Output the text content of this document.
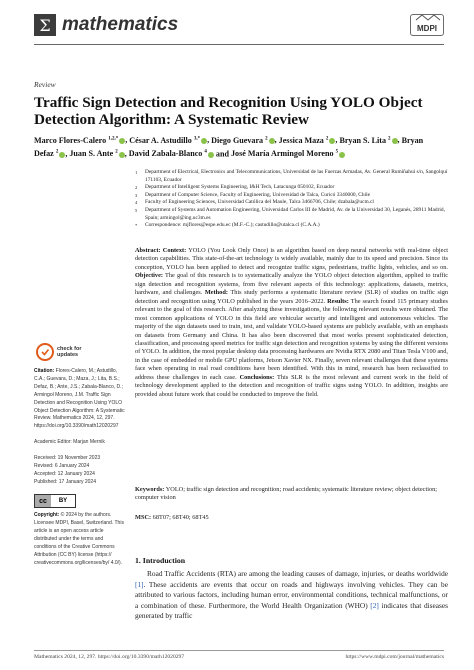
Σ mathematics	MDPI
Review
Traffic Sign Detection and Recognition Using YOLO Object Detection Algorithm: A Systematic Review
Marco Flores-Calero $^{1,2,*}$ , César A. Astudillo $^{3,*}$ , Diego Guevara $^2$ , Jessica Maza $^2$ , Bryan S. Lita $^2$ , Bryan Defaz $^2$ , Juan S. Ante $^2$ , David Zabala-Blanco $^4$ and José María Armingol Moreno $^5$
1	Department of Electrical, Electronics and Telecommunications, Universidad de las Fuerzas Armadas, Av. General Rumiñahui s/n, Sangolquí 171103, Ecuador
2	Department of Intelligent Systems Engineering, I&H Tech, Latacunga 050102, Ecuador
3	Department of Computer Science, Faculty of Engineering, Universidad de Talca, Curicó 3340000, Chile
4	Faculty of Engineering Sciences, Universidad Católica del Maule, Talca 3466706, Chile; dzabala@ucm.cl
5	Department of Systems and Automation Engineering, Universidad Carlos III de Madrid, Av. de la Universidad 30, Leganés, 28911 Madrid, Spain; armingol@ing.uc3m.es
*	Correspondence: mjflores@espe.edu.ec (M.F.-C.); castudillo@utalca.cl (C.A.A.)
Abstract: Context: YOLO (You Look Only Once) is an algorithm based on deep neural networks with real-time object detection capabilities. This state-of-the-art technology is widely available, mainly due to its speed and precision. Since its conception, YOLO has been applied to detect and recognize traffic signs, pedestrians, traffic lights, vehicles, and so on. Objective: The goal of this research is to systematically analyze the YOLO object detection algorithm, applied to traffic sign detection and recognition systems, from five relevant aspects of this technology: applications, datasets, metrics, hardware, and challenges. Method: This study performs a systematic literature review (SLR) of studies on traffic sign detection and recognition using YOLO published in the years 2016–2022. Results: The search found 115 primary studies relevant to the goal of this research. After analyzing these investigations, the following relevant results were obtained. The most common applications of YOLO in this field are vehicular security and intelligent and autonomous vehicles. The majority of the sign datasets used to train, test, and validate YOLO-based systems are publicly available, with an emphasis on datasets from Germany and China. It has also been discovered that most works present sophisticated detection, classification, and processing speed metrics for traffic sign detection and recognition systems by using the different versions of YOLO. In addition, the most popular desktop data processing hardwares are Nvidia RTX 2080 and Titan Tesla V100 and, in the case of embedded or mobile GPU platforms, Jetson Xavier NX. Finally, seven relevant challenges that these systems face when operating in real road conditions have been identified. With this in mind, research has been reclassified to address these challenges in each case. Conclusions: This SLR is the most relevant and current work in the field of technology development applied to the detection and recognition of traffic signs using YOLO. In addition, insights are provided about future work that could be conducted to improve the field.
Keywords: YOLO; traffic sign detection and recognition; road accidents; systematic literature review; object detection; computer vision
MSC: 68T07; 68T40; 68T45
check for
updates
Citation: Flores-Calero, M.; Astudillo, C.A.; Guevara, D.; Maza, J.; Lita, B.S.; Defaz, B.; Ante, J.S.; Zabala-Blanco, D.; Armingol Moreno, J.M. Traffic Sign Detection and Recognition Using YOLO Object Detection Algorithm: A Systematic Review. Mathematics 2024, 12, 297. https://doi.org/10.3390/math12020297
Academic Editor: Marjan Mernik
Received: 19 November 2023
Revised: 6 January 2024
Accepted: 12 January 2024
Published: 17 January 2024
cc	BY
Copyright: © 2024 by the authors. Licensee MDPI, Basel, Switzerland. This article is an open access article distributed under the terms and conditions of the Creative Commons Attribution (CC BY) license (https:// creativecommons.org/licenses/by/ 4.0/).	1. Introduction
Road Traffic Accidents (RTA) are among the leading causes of damage, injuries, or deaths worldwide [1]. These accidents are events that occur on roads and highways involving vehicles. They can be attributed to various factors, including human error, environmental conditions, technical malfunctions, or a combination of these. Furthermore, the World Health Organization (WHO) [2] indicates that diseases generated by traffic
Mathematics 2024, 12, 297. https://doi.org/10.3390/math12020297	https://www.mdpi.com/journal/mathematics
